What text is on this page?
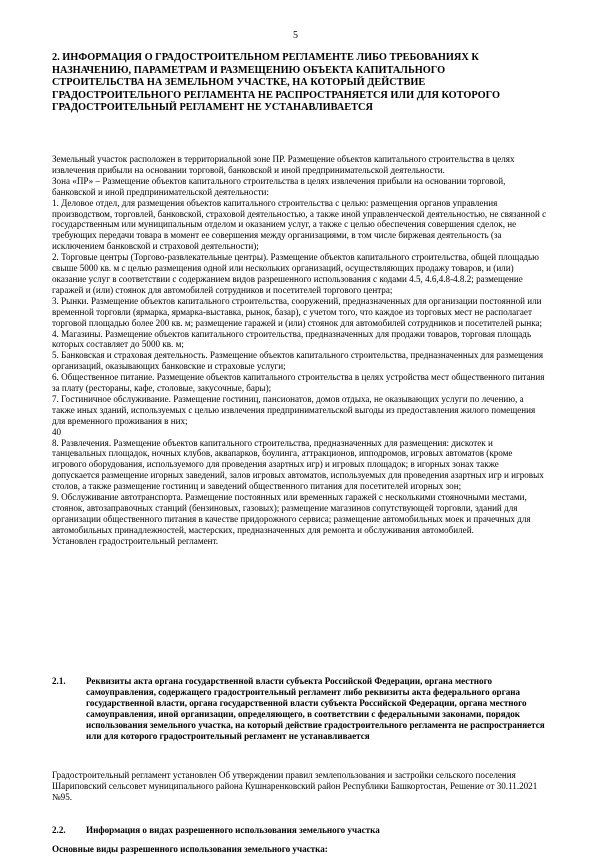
5
2. ИНФОРМАЦИЯ О ГРАДОСТРОИТЕЛЬНОМ РЕГЛАМЕНТЕ ЛИБО ТРЕБОВАНИЯХ К НАЗНАЧЕНИЮ, ПАРАМЕТРАМ И РАЗМЕЩЕНИЮ ОБЪЕКТА КАПИТАЛЬНОГО СТРОИТЕЛЬСТВА НА ЗЕМЕЛЬНОМ УЧАСТКЕ, НА КОТОРЫЙ ДЕЙСТВИЕ ГРАДОСТРОИТЕЛЬНОГО РЕГЛАМЕНТА НЕ РАСПРОСТРАНЯЕТСЯ ИЛИ ДЛЯ КОТОРОГО ГРАДОСТРОИТЕЛЬНЫЙ РЕГЛАМЕНТ НЕ УСТАНАВЛИВАЕТСЯ

Земельный участок расположен в территориальной зоне ПР. Размещение объектов капитального строительства в целях извлечения прибыли на основании торговой, банковской и иной предпринимательской деятельности.

Зона «ПР» – Размещение объектов капитального строительства в целях извлечения прибыли на основании торговой, банковской и иной предпринимательской деятельности:

1. Деловое отдел, для размещения объектов капитального строительства с целью: размещения органов управления производством, торговлей, банковской, страховой деятельностью, а также иной управленческой деятельностью, не связанной с государственным или муниципальным отделом и оказанием услуг, а также с целью обеспечения совершения сделок, не требующих передачи товара в момент ее совершения между организациями, в том числе биржевая деятельность (за исключением банковской и страховой деятельности);

2. Торговые центры (Торгово-развлекательные центры). Размещение объектов капитального строительства, общей площадью свыше 5000 кв. м с целью размещения одной или нескольких организаций, осуществляющих продажу товаров, и (или) оказание услуг в соответствии с содержанием видов разрешенного использования с кодами 4.5, 4.6,4.8-4.8.2; размещение гаражей и (или) стоянок для автомобилей сотрудников и посетителей торгового центра;

3. Рынки. Размещение объектов капитального строительства, сооружений, предназначенных для организации постоянной или временной торговли (ярмарка, ярмарка-выставка, рынок, базар), с учетом того, что каждое из торговых мест не располагает торговой площадью более 200 кв. м; размещение гаражей и (или) стоянок для автомобилей сотрудников и посетителей рынка;

4. Магазины. Размещение объектов капитального строительства, предназначенных для продажи товаров, торговая площадь которых составляет до 5000 кв. м;

5. Банковская и страховая деятельность. Размещение объектов капитального строительства, предназначенных для размещения организаций, оказывающих банковские и страховые услуги;

6. Общественное питание. Размещение объектов капитального строительства в целях устройства мест общественного питания за плату (рестораны, кафе, столовые, закусочные, бары);

7. Гостиничное обслуживание. Размещение гостиниц, пансионатов, домов отдыха, не оказывающих услуги по лечению, а также иных зданий, используемых с целью извлечения предпринимательской выгоды из предоставления жилого помещения для временного проживания в них;

40

8. Развлечения. Размещение объектов капитального строительства, предназначенных для размещения: дискотек и танцевальных площадок, ночных клубов, аквапарков, боулинга, аттракционов, ипподромов, игровых автоматов (кроме игрового оборудования, используемого для проведения азартных игр) и игровых площадок; в игорных зонах также допускается размещение игорных заведений, залов игровых автоматов, используемых для проведения азартных игр и игровых столов, а также размещение гостиниц и заведений общественного питания для посетителей игорных зон;

9. Обслуживание автотранспорта. Размещение постоянных или временных гаражей с несколькими стояночными местами, стоянок, автозаправочных станций (бензиновых, газовых); размещение магазинов сопутствующей торговли, зданий для организации общественного питания в качестве придорожного сервиса; размещение автомобильных моек и прачечных для автомобильных принадлежностей, мастерских, предназначенных для ремонта и обслуживания автомобилей.

Установлен градостроительный регламент.

2.1. Реквизиты акта органа государственной власти субъекта Российской Федерации, органа местного самоуправления, содержащего градостроительный регламент либо реквизиты акта федерального органа государственной власти, органа государственной власти субъекта Российской Федерации, органа местного самоуправления, иной организации, определяющего, в соответствии с федеральными законами, порядок использования земельного участка, на который действие градостроительного регламента не распространяется или для которого градостроительный регламент не устанавливается

Градостроительный регламент установлен Об утверждении правил землепользования и застройки сельского поселения Шариповский сельсовет муниципального района Кушнаренковский район Республики Башкортостан, Решение от 30.11.2021 №95.

2.2. Информация о видах разрешенного использования земельного участка

Основные виды разрешенного использования земельного участка:
